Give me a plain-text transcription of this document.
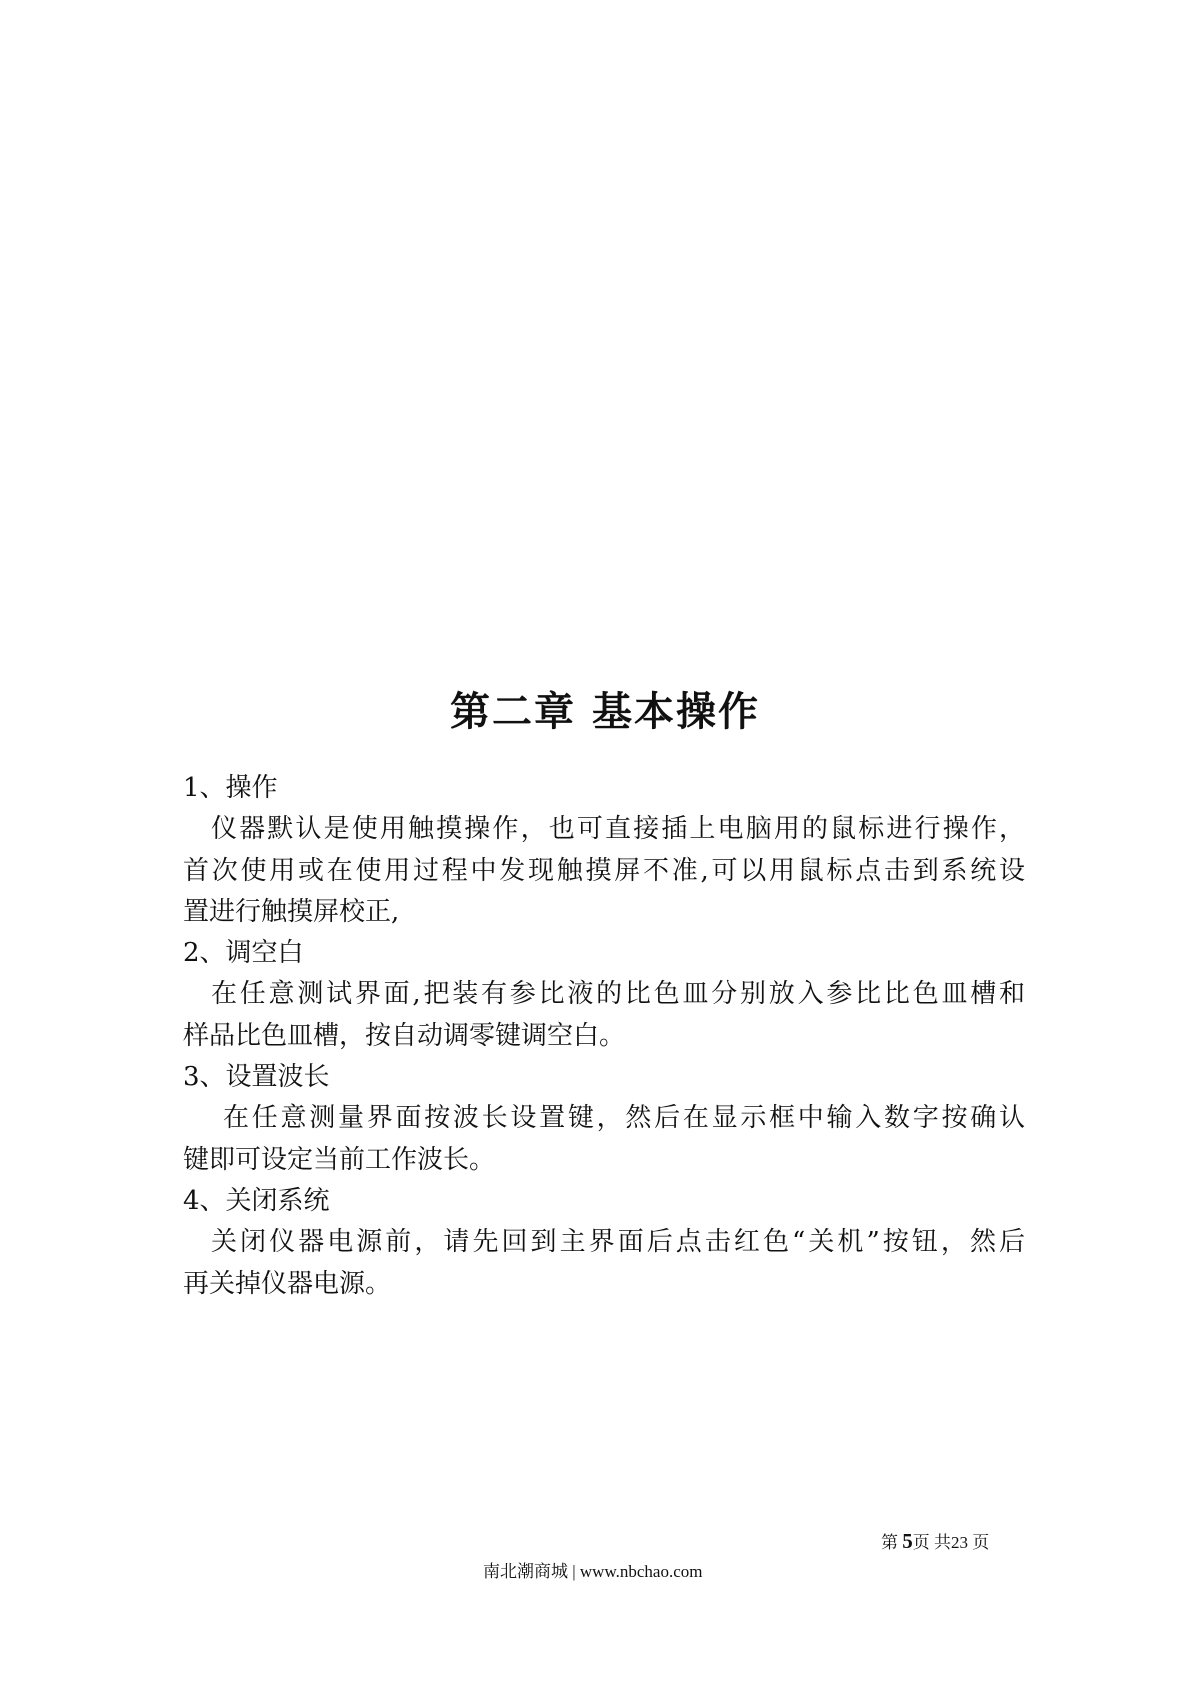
第二章 基本操作
1、操作
仪器默认是使用触摸操作，也可直接插上电脑用的鼠标进行操作，
首次使用或在使用过程中发现触摸屏不准,可以用鼠标点击到系统设
置进行触摸屏校正,
2、调空白
在任意测试界面,把装有参比液的比色皿分别放入参比比色皿槽和
样品比色皿槽，按自动调零键调空白。
3、设置波长
在任意测量界面按波长设置键，然后在显示框中输入数字按确认
键即可设定当前工作波长。
4、关闭系统
关闭仪器电源前，请先回到主界面后点击红色“关机”按钮，然后
再关掉仪器电源。
第 5页 共23 页
南北潮商城 | www.nbchao.com
